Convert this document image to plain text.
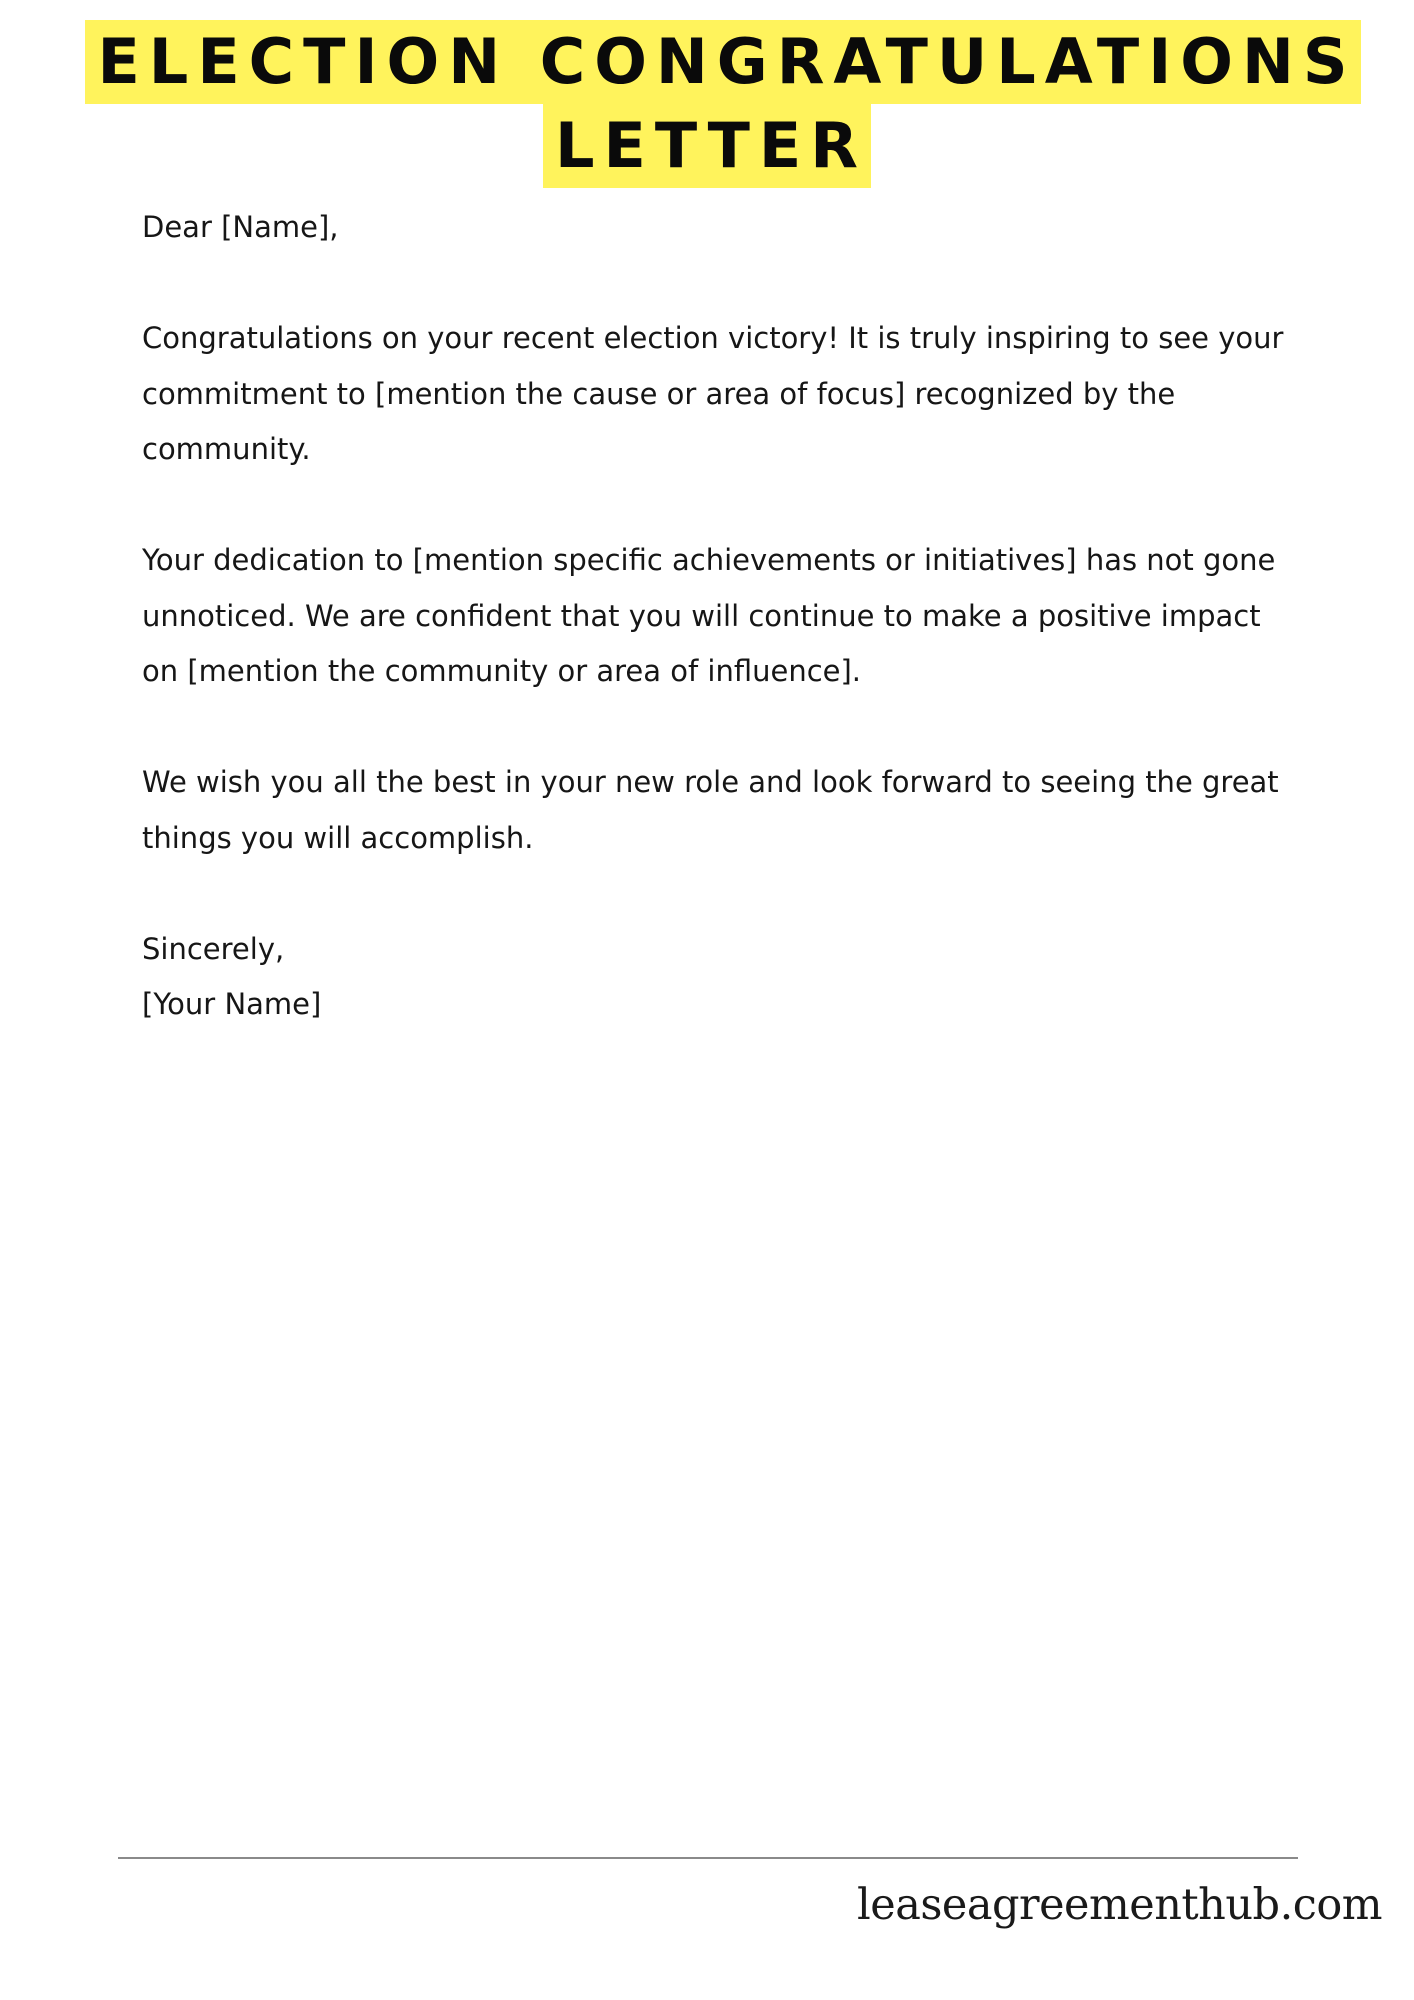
ELECTION CONGRATULATIONS
LETTER

Dear [Name],

Congratulations on your recent election victory! It is truly inspiring to see your commitment to [mention the cause or area of focus] recognized by the community.

Your dedication to [mention specific achievements or initiatives] has not gone unnoticed. We are confident that you will continue to make a positive impact on [mention the community or area of influence].

We wish you all the best in your new role and look forward to seeing the great things you will accomplish.

Sincerely,
[Your Name]
leaseagreementhub.com
